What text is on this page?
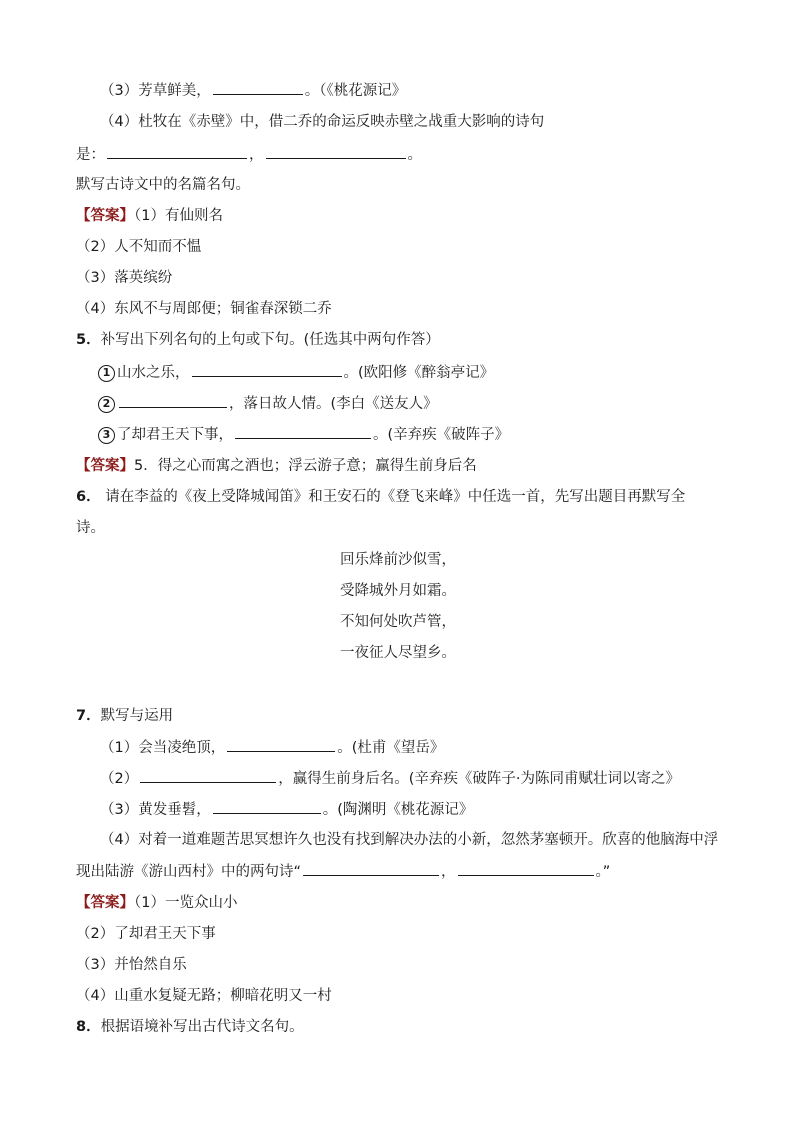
（3）芳草鲜美，	。（《桃花源记》
（4）杜牧在《赤壁》中，借二乔的命运反映赤壁之战重大影响的诗句
是：	，	。
默写古诗文中的名篇名句。
【答案】（1）有仙则名
（2）人不知而不愠
（3）落英缤纷
（4）东风不与周郎便；铜雀春深锁二乔
5．补写出下列名句的上句或下句。(任选其中两句作答）
1 山水之乐，	。(欧阳修《醉翁亭记》
2	，落日故人情。(李白《送友人》
3 了却君王天下事，	。(辛弃疾《破阵子》
【答案】5．得之心而寓之酒也；浮云游子意；赢得生前身后名
6． 请在李益的《夜上受降城闻笛》和王安石的《登飞来峰》中任选一首，先写出题目再默写全
诗。
回乐烽前沙似雪，
受降城外月如霜。
不知何处吹芦管，
一夜征人尽望乡。
7．默写与运用
（1）会当凌绝顶，	。(杜甫《望岳》
（2）	，赢得生前身后名。(辛弃疾《破阵子·为陈同甫赋壮词以寄之》
（3）黄发垂髫，	。(陶渊明《桃花源记》
（4）对着一道难题苦思冥想许久也没有找到解决办法的小新，忽然茅塞顿开。欣喜的他脑海中浮
现出陆游《游山西村》中的两句诗“	，	。”
【答案】（1）一览众山小
（2）了却君王天下事
（3）并怡然自乐
（4）山重水复疑无路；柳暗花明又一村
8．根据语境补写出古代诗文名句。
